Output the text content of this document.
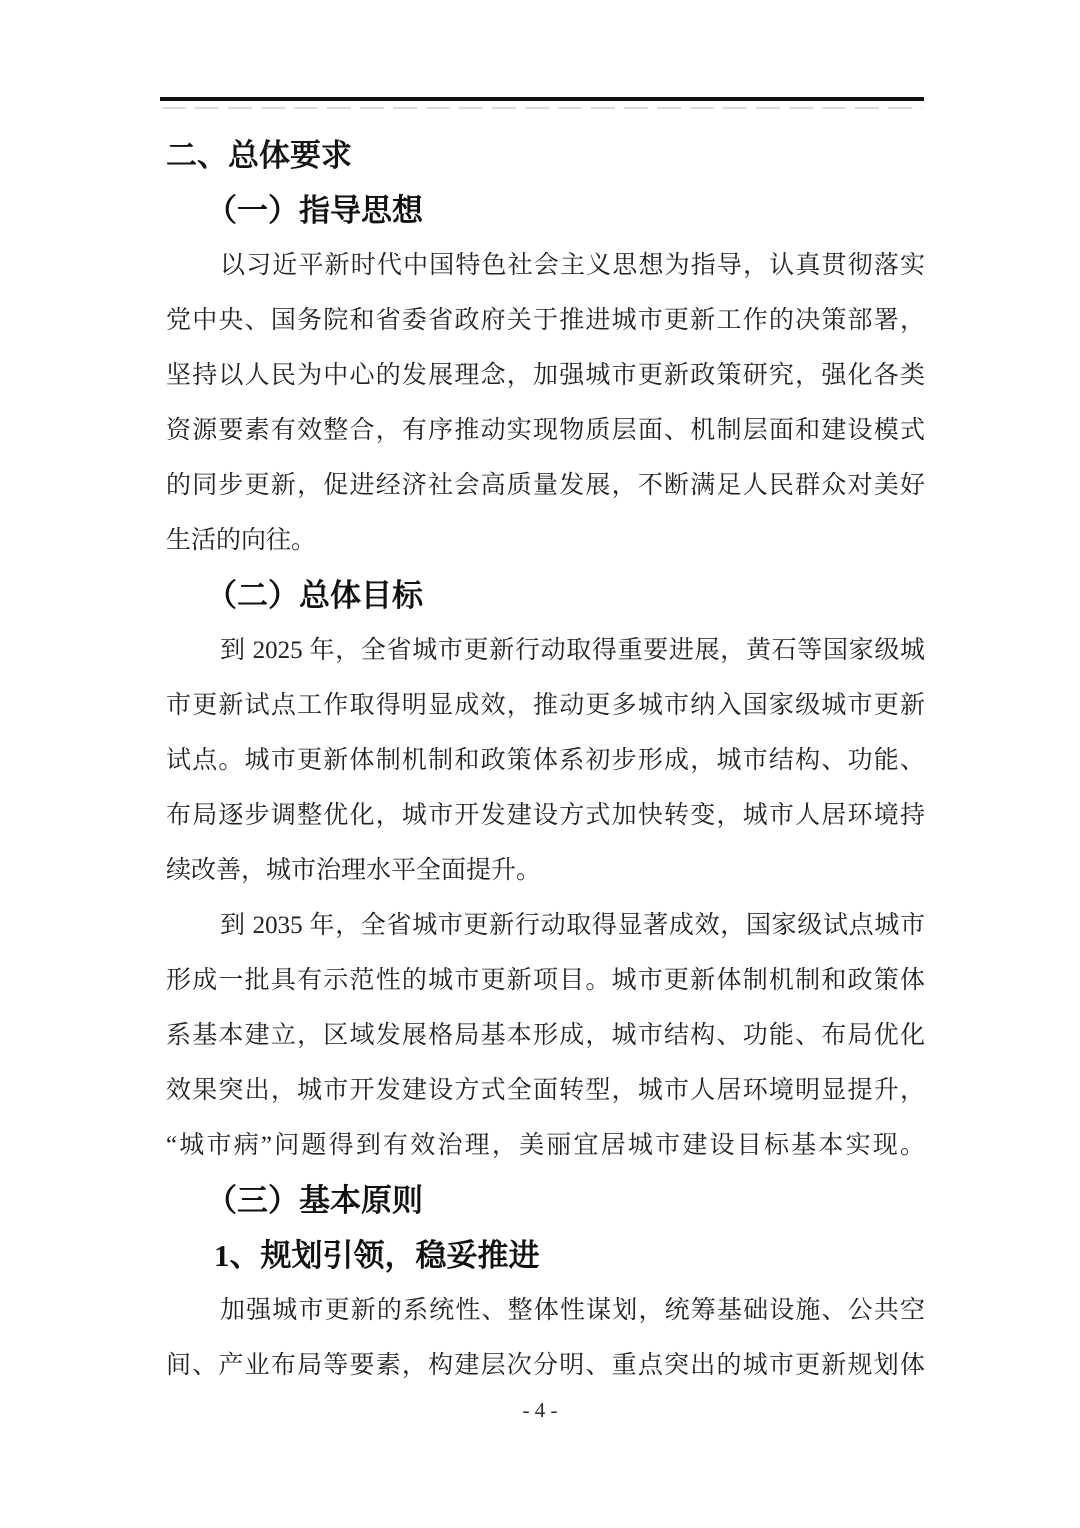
二、总体要求
（一）指导思想
以习近平新时代中国特色社会主义思想为指导，认真贯彻落实
党中央、国务院和省委省政府关于推进城市更新工作的决策部署，
坚持以人民为中心的发展理念，加强城市更新政策研究，强化各类
资源要素有效整合，有序推动实现物质层面、机制层面和建设模式
的同步更新，促进经济社会高质量发展，不断满足人民群众对美好
生活的向往。
（二）总体目标
到 2025 年，全省城市更新行动取得重要进展，黄石等国家级城
市更新试点工作取得明显成效，推动更多城市纳入国家级城市更新
试点。城市更新体制机制和政策体系初步形成，城市结构、功能、
布局逐步调整优化，城市开发建设方式加快转变，城市人居环境持
续改善，城市治理水平全面提升。
到 2035 年，全省城市更新行动取得显著成效，国家级试点城市
形成一批具有示范性的城市更新项目。城市更新体制机制和政策体
系基本建立，区域发展格局基本形成，城市结构、功能、布局优化
效果突出，城市开发建设方式全面转型，城市人居环境明显提升，
“城市病”问题得到有效治理，美丽宜居城市建设目标基本实现。
（三）基本原则
1、规划引领，稳妥推进
加强城市更新的系统性、整体性谋划，统筹基础设施、公共空
间、产业布局等要素，构建层次分明、重点突出的城市更新规划体
- 4 -
